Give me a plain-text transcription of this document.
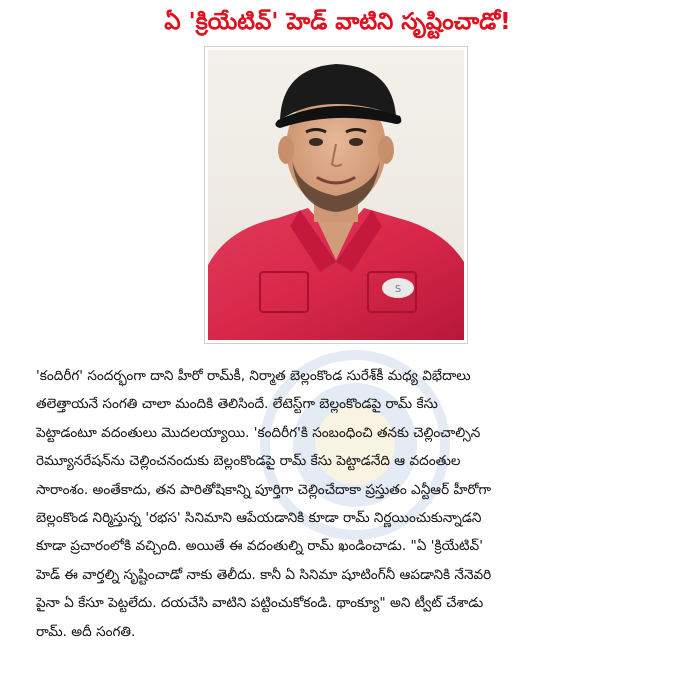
ఏ 'క్రియేటివ్' హెడ్ వాటిని సృష్టించాడో!
S
'కందిరీగ' సందర్భంగా దాని హీరో రామ్‌కీ, నిర్మాత బెల్లంకొండ సురేశ్‌కీ మధ్య విభేదాలు
తలెత్తాయనే సంగతి చాలా మందికి తెలిసిందే. లేటెస్ట్‌గా బెల్లంకొండపై రామ్ కేసు
పెట్టాడంటూ వదంతులు మొదలయ్యాయి. 'కందిరీగ'కి సంబంధించి తనకు చెల్లించాల్సిన
రెమ్యూనరేషన్‌ను చెల్లించనందుకు బెల్లంకొండపై రామ్ కేసు పెట్టాడనేది ఆ వదంతుల
సారాంశం. అంతేకాదు, తన పారితోషికాన్ని పూర్తిగా చెల్లించేదాకా ప్రస్తుతం ఎన్టీఆర్ హీరోగా
బెల్లంకొండ నిర్మిస్తున్న 'రభస' సినిమాని ఆపేయడానికి కూడా రామ్ నిర్ణయించుకున్నాడని
కూడా ప్రచారంలోకి వచ్చింది. అయితే ఈ వదంతుల్ని రామ్ ఖండించాడు. "ఏ 'క్రియేటివ్'
హెడ్ ఈ వార్తల్ని సృష్టించాడో నాకు తెలీదు. కానీ ఏ సినిమా షూటింగ్‌నీ ఆపడానికి నేనెవరి
పైనా ఏ కేసూ పెట్టలేదు. దయచేసి వాటిని పట్టించుకోకండి. థాంక్యూ" అని ట్వీట్ చేశాడు
రామ్. అదీ సంగతి.
